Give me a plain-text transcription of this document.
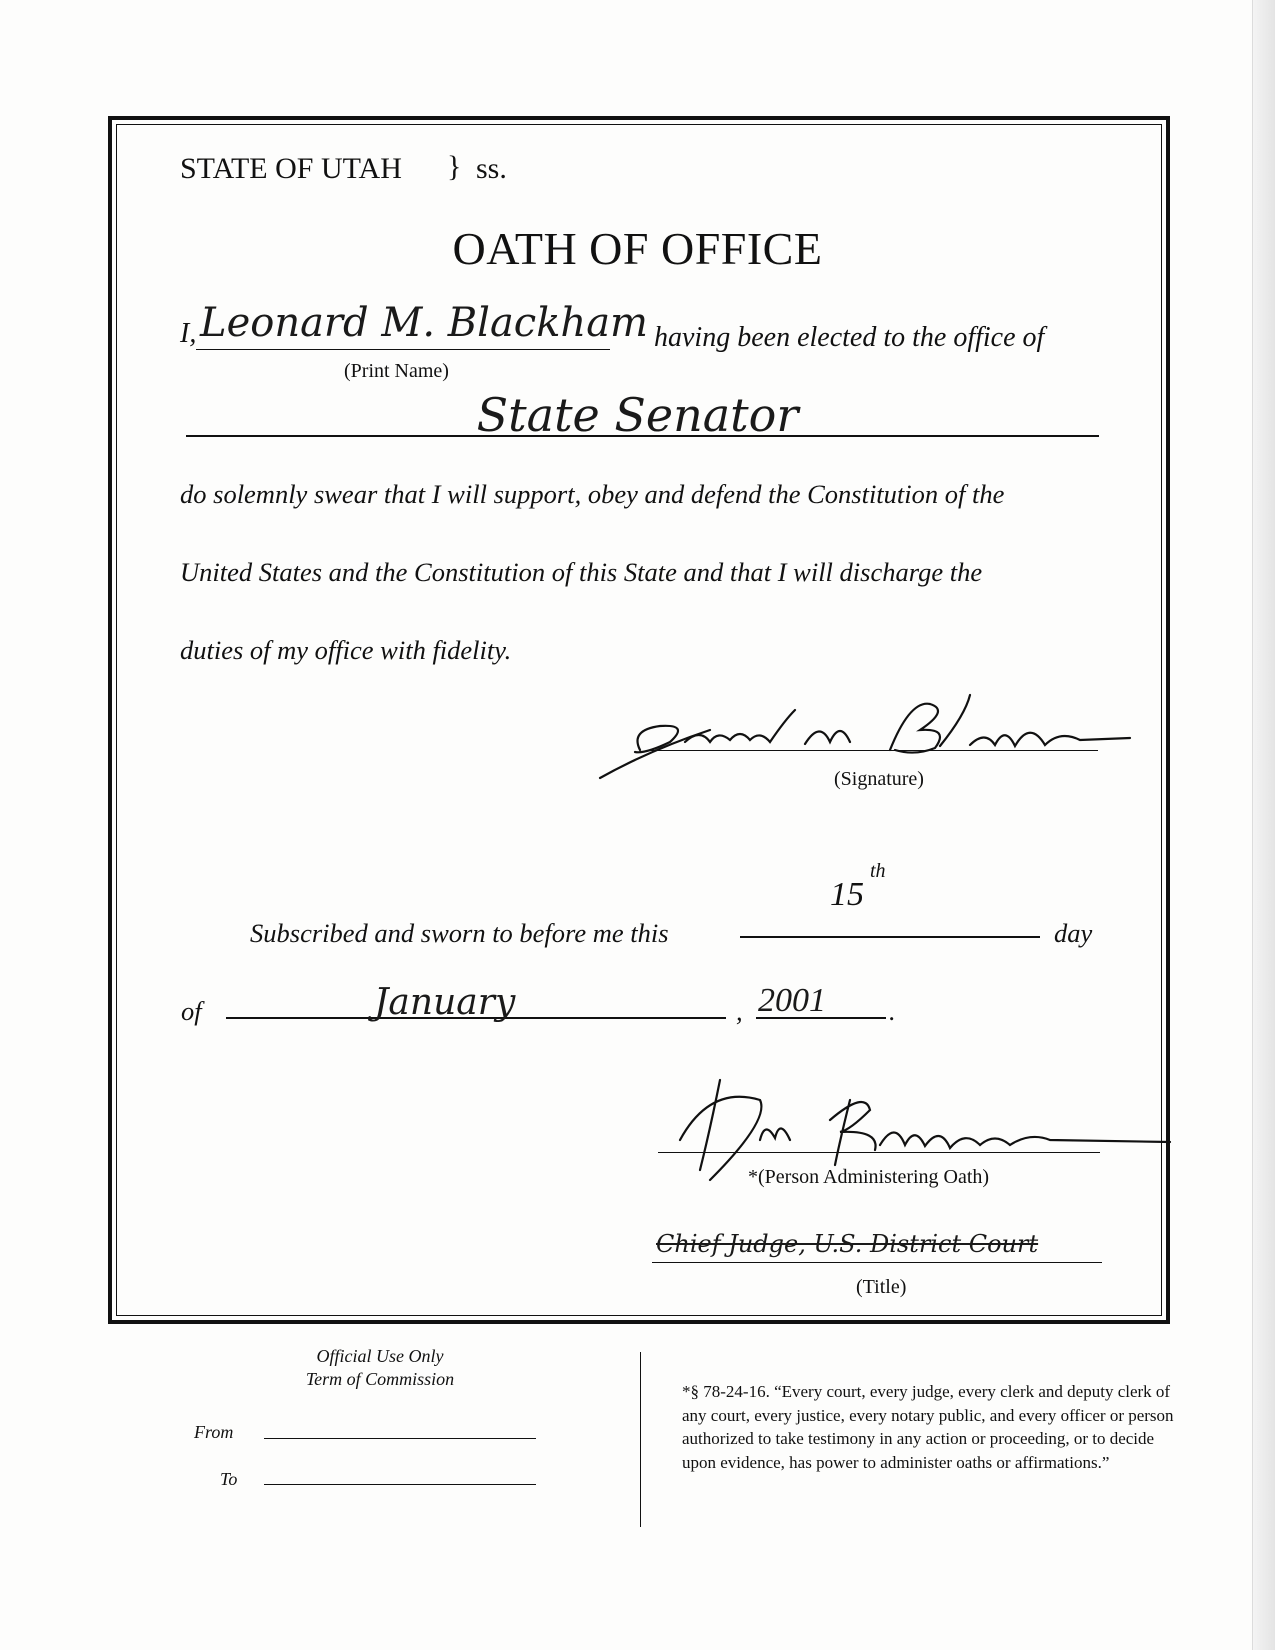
STATE OF UTAH } ss.
OATH OF OFFICE
I, Leonard M. Blackham having been elected to the office of
(Print Name)
State Senator
do solemnly swear that I will support, obey and defend the Constitution of the
United States and the Constitution of this State and that I will discharge the
duties of my office with fidelity.
(Signature)
15
th
Subscribed and sworn to before me this	day
of	January	, 2001 .
*(Person Administering Oath)
Chief Judge, U.S. District Court
(Title)
Official Use Only
Term of Commission
From
To
*§ 78-24-16. “Every court, every judge, every clerk and deputy clerk of any court, every justice, every notary public, and every officer or person authorized to take testimony in any action or proceeding, or to decide upon evidence, has power to administer oaths or affirmations.”
